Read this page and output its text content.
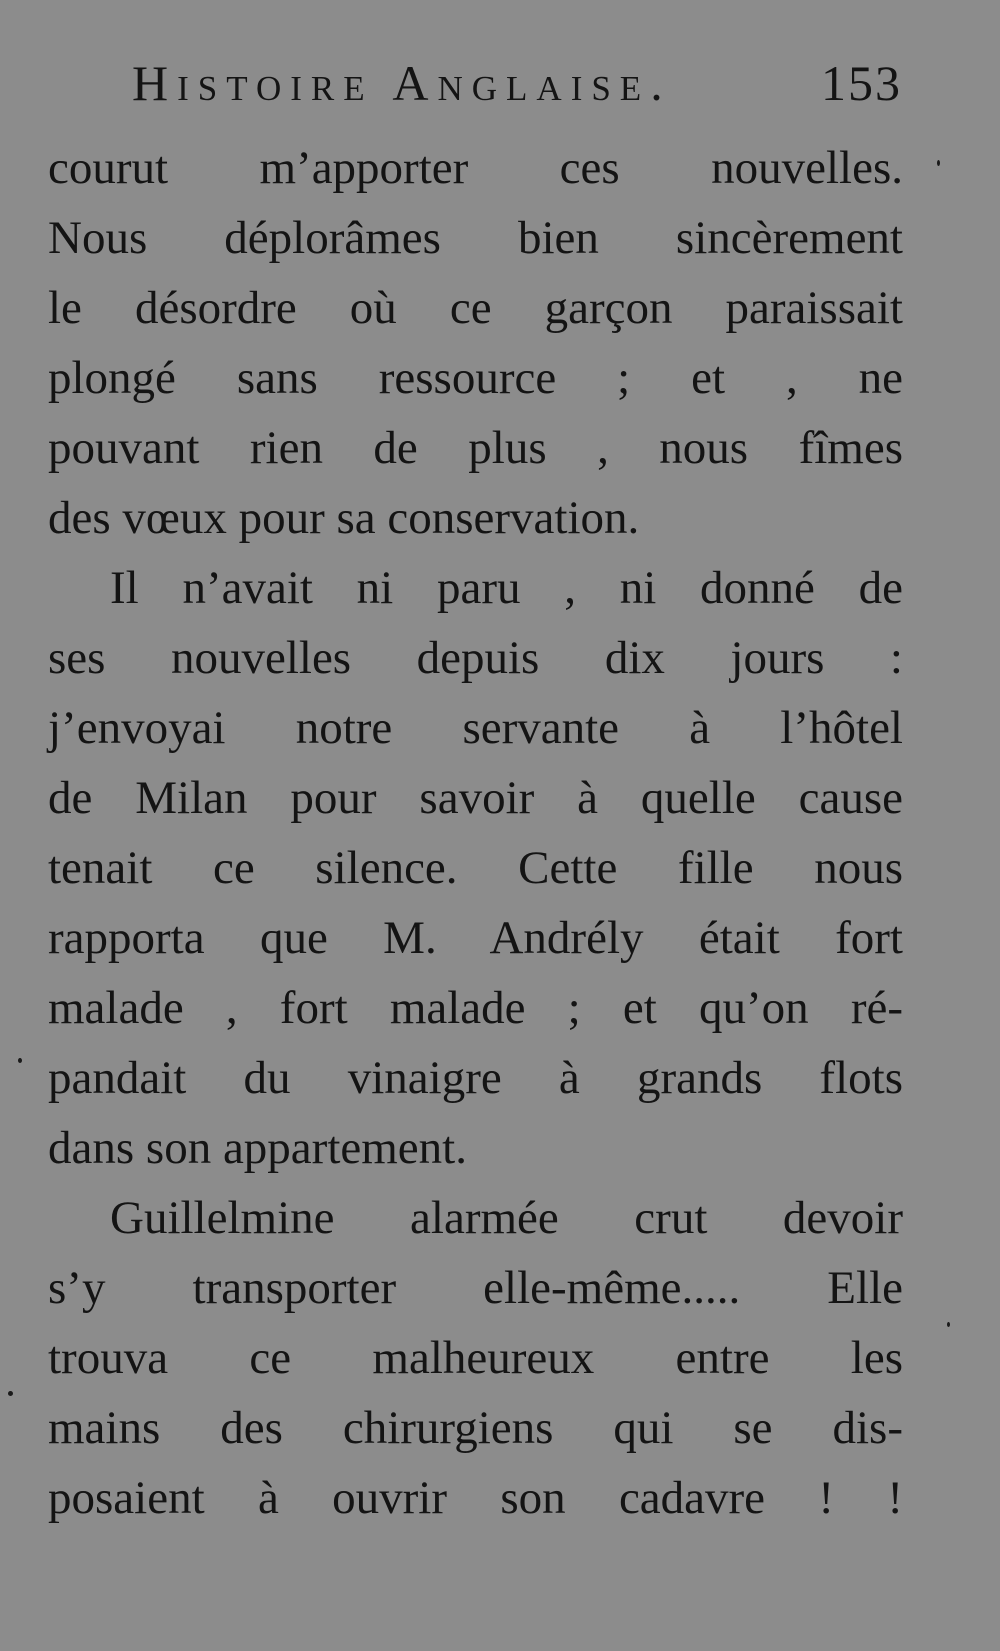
Histoire Anglaise.	153
courut m’apporter ces nouvelles.
Nous déplorâmes bien sincèrement
le désordre où ce garçon paraissait
plongé sans ressource ; et , ne
pouvant rien de plus , nous fîmes
des vœux pour sa conservation.
Il n’avait ni paru , ni donné de
ses nouvelles depuis dix jours :
j’envoyai notre servante à l’hôtel
de Milan pour savoir à quelle cause
tenait ce silence. Cette fille nous
rapporta que M. Andrély était fort
malade , fort malade ; et qu’on ré-
pandait du vinaigre à grands flots
dans son appartement.
Guillelmine alarmée crut devoir
s’y transporter elle-même..... Elle
trouva ce malheureux entre les
mains des chirurgiens qui se dis-
posaient à ouvrir son cadavre ! !
